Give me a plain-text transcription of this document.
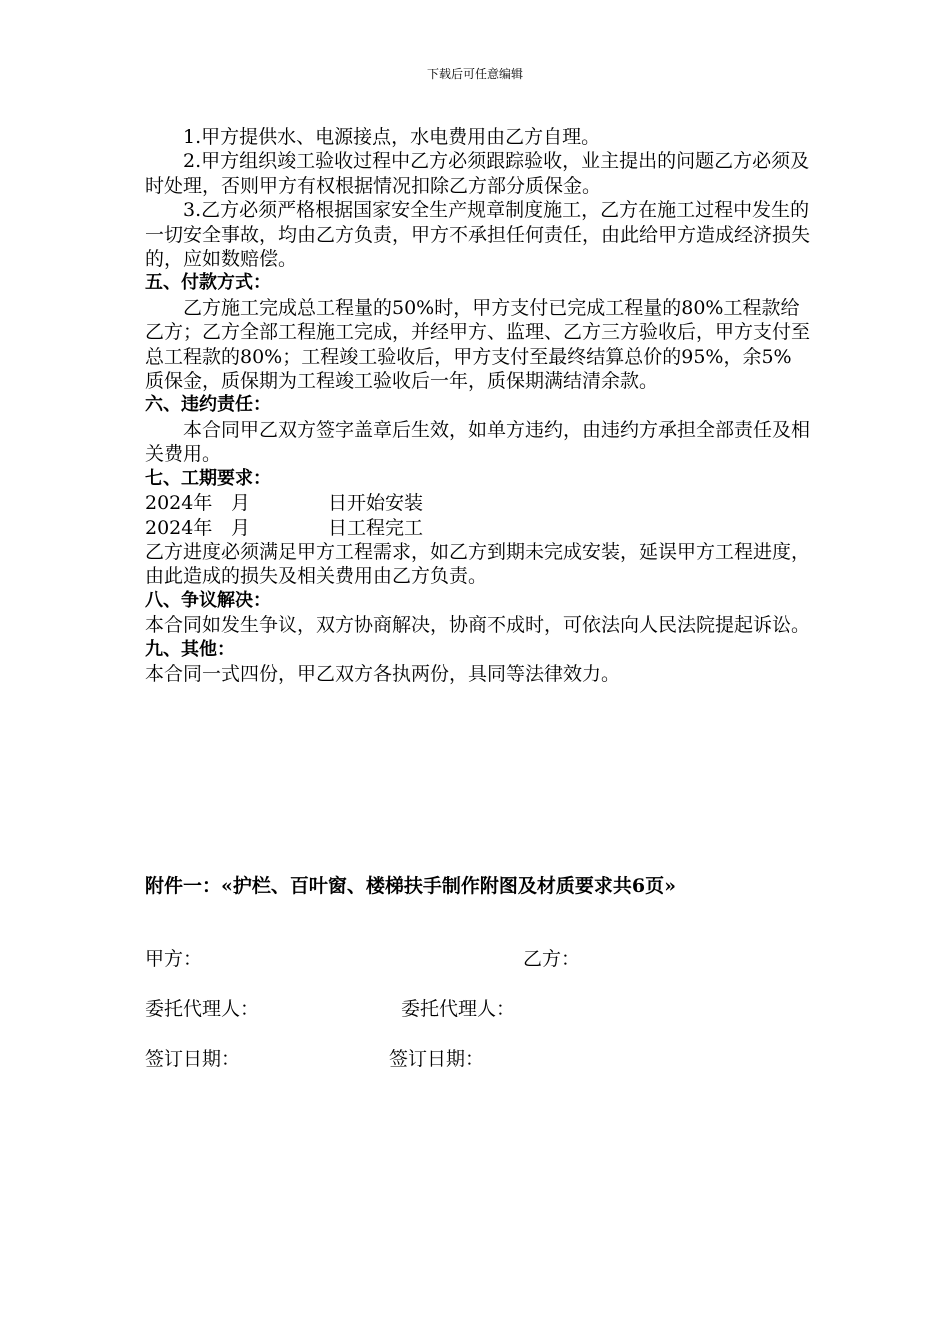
下载后可任意编辑

1.甲方提供水、电源接点，水电费用由乙方自理。

2.甲方组织竣工验收过程中乙方必须跟踪验收，业主提出的问题乙方必须及时处理，否则甲方有权根据情况扣除乙方部分质保金。

3.乙方必须严格根据国家安全生产规章制度施工，乙方在施工过程中发生的一切安全事故，均由乙方负责，甲方不承担任何责任，由此给甲方造成经济损失的，应如数赔偿。

五、付款方式：

乙方施工完成总工程量的50%时，甲方支付已完成工程量的80%工程款给乙方；乙方全部工程施工完成，并经甲方、监理、乙方三方验收后，甲方支付至总工程款的80%；工程竣工验收后，甲方支付至最终结算总价的95%，余5%质保金，质保期为工程竣工验收后一年，质保期满结清余款。

六、违约责任：

本合同甲乙双方签字盖章后生效，如单方违约，由违约方承担全部责任及相关费用。

七、工期要求：

2024年 月	日开始安装

2024年 月	日工程完工

乙方进度必须满足甲方工程需求，如乙方到期未完成安装，延误甲方工程进度，由此造成的损失及相关费用由乙方负责。

八、争议解决：

本合同如发生争议，双方协商解决，协商不成时，可依法向人民法院提起诉讼。

九、其他：

本合同一式四份，甲乙双方各执两份，具同等法律效力。

附件一：«护栏、百叶窗、楼梯扶手制作附图及材质要求共6页»
甲方：	乙方：
委托代理人：	委托代理人：
签订日期：	签订日期：
